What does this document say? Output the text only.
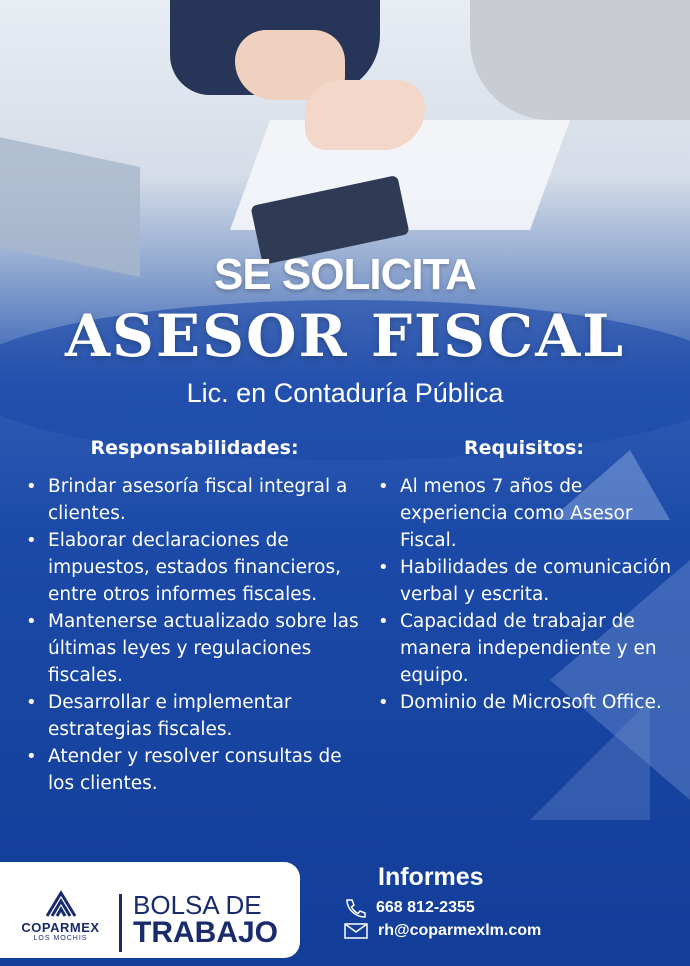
SE SOLICITA
ASESOR FISCAL
Lic. en Contaduría Pública
Responsabilidades:
• Brindar asesoría fiscal integral a clientes.
• Elaborar declaraciones de impuestos, estados financieros, entre otros informes fiscales.
• Mantenerse actualizado sobre las últimas leyes y regulaciones fiscales.
• Desarrollar e implementar estrategias fiscales.
• Atender y resolver consultas de los clientes.
Requisitos:
• Al menos 7 años de experiencia como Asesor Fiscal.
• Habilidades de comunicación verbal y escrita.
• Capacidad de trabajar de manera independiente y en equipo.
• Dominio de Microsoft Office.
COPARMEX
LOS MOCHIS
BOLSA DE
TRABAJO
Informes
668 812-2355
rh@coparmexlm.com
